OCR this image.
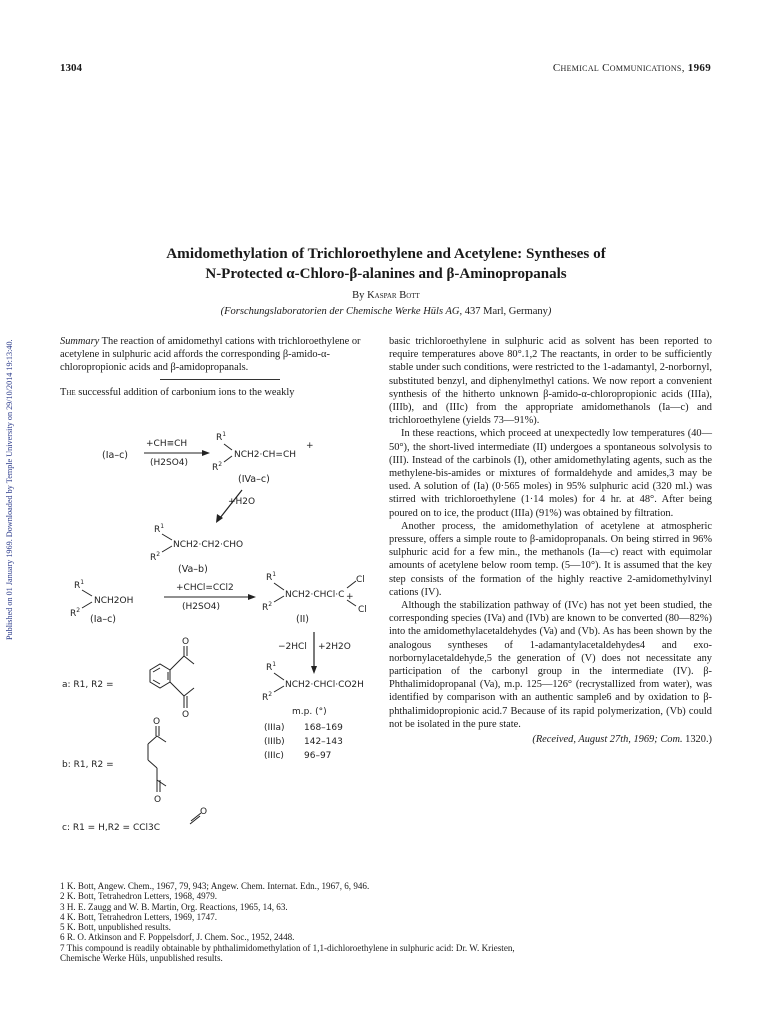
Published on 01 January 1969. Downloaded by Temple University on 29/10/2014 19:13:40.
1304	Chemical Communications, 1969
Amidomethylation of Trichloroethylene and Acetylene: Syntheses of
N-Protected α-Chloro-β-alanines and β-Aminopropanals
By Kaspar Bott
(Forschungslaboratorien der Chemische Werke Hüls AG, 437 Marl, Germany)

Summary The reaction of amidomethyl cations with trichloroethylene or acetylene in sulphuric acid affords the corresponding β-amido-α-chloropropionic acids and β-amidopropanals.

The successful addition of carbonium ions to the weakly

(Ia–c)
+CH≡CH
(H2SO4)
$R^1$
$R^2$
NCH2·CH=CH
+
(IVa–c)
+H2O
$R^1$
$R^2$
NCH2·CH2·CHO
(Va–b)
$R^1$
$R^2$
NCH2OH
(Ia–c)
+CHCl=CCl2
(H2SO4)
$R^1$
$R^2$
NCH2·CHCl·C +
Cl
Cl
(II)
−2HCl +2H2O
$R^1$
$R^2$
NCH2·CHCl·CO2H
m.p. (°)
(IIIa) 168–169
(IIIb) 142–143
(IIIc) 96–97
a: R1, R2 =
O
O
b: R1, R2 =
O
O
c: R1 = H,R2 = CCl3C
O

basic trichloroethylene in sulphuric acid as solvent has been reported to require temperatures above 80°.1,2 The reactants, in order to be sufficiently stable under such conditions, were restricted to the 1-adamantyl, 2-norbornyl, substituted benzyl, and diphenylmethyl cations. We now report a convenient synthesis of the hitherto unknown β-amido-α-chloropropionic acids (IIIa), (IIIb), and (IIIc) from the appropriate amidomethanols (Ia—c) and trichloroethylene (yields 73—91%).

In these reactions, which proceed at unexpectedly low temperatures (40—50°), the short-lived intermediate (II) undergoes a spontaneous solvolysis to (III). Instead of the carbinols (I), other amidomethylating agents, such as the methylene-bis-amides or mixtures of formaldehyde and amides,3 may be used. A solution of (Ia) (0·565 moles) in 95% sulphuric acid (320 ml.) was stirred with trichloroethylene (1·14 moles) for 4 hr. at 48°. After being poured on to ice, the product (IIIa) (91%) was obtained by filtration.

Another process, the amidomethylation of acetylene at atmospheric pressure, offers a simple route to β-amidopropanals. On being stirred in 96% sulphuric acid for a few min., the methanols (Ia—c) react with equimolar amounts of acetylene below room temp. (5—10°). It is assumed that the key step consists of the formation of the highly reactive 2-amidomethylvinyl cations (IV).

Although the stabilization pathway of (IVc) has not yet been studied, the corresponding species (IVa) and (IVb) are known to be converted (80—82%) into the amidomethylacetaldehydes (Va) and (Vb). As has been shown by the analogous syntheses of 1-adamantylacetaldehydes4 and exo-norbornylacetaldehyde,5 the generation of (V) does not necessitate any participation of the carbonyl group in the intermediate (IV). β-Phthalimidopropanal (Va), m.p. 125—126° (recrystallized from water), was identified by comparison with an authentic sample6 and by oxidation to β-phthalimidopropionic acid.7 Because of its rapid polymerization, (Vb) could not be isolated in the pure state.

(Received, August 27th, 1969; Com. 1320.)
1 K. Bott, Angew. Chem., 1967, 79, 943; Angew. Chem. Internat. Edn., 1967, 6, 946.
2 K. Bott, Tetrahedron Letters, 1968, 4979.
3 H. E. Zaugg and W. B. Martin, Org. Reactions, 1965, 14, 63.
4 K. Bott, Tetrahedron Letters, 1969, 1747.
5 K. Bott, unpublished results.
6 R. O. Atkinson and F. Poppelsdorf, J. Chem. Soc., 1952, 2448.
7 This compound is readily obtainable by phthalimidomethylation of 1,1-dichloroethylene in sulphuric acid: Dr. W. Kriesten,
Chemische Werke Hüls, unpublished results.
